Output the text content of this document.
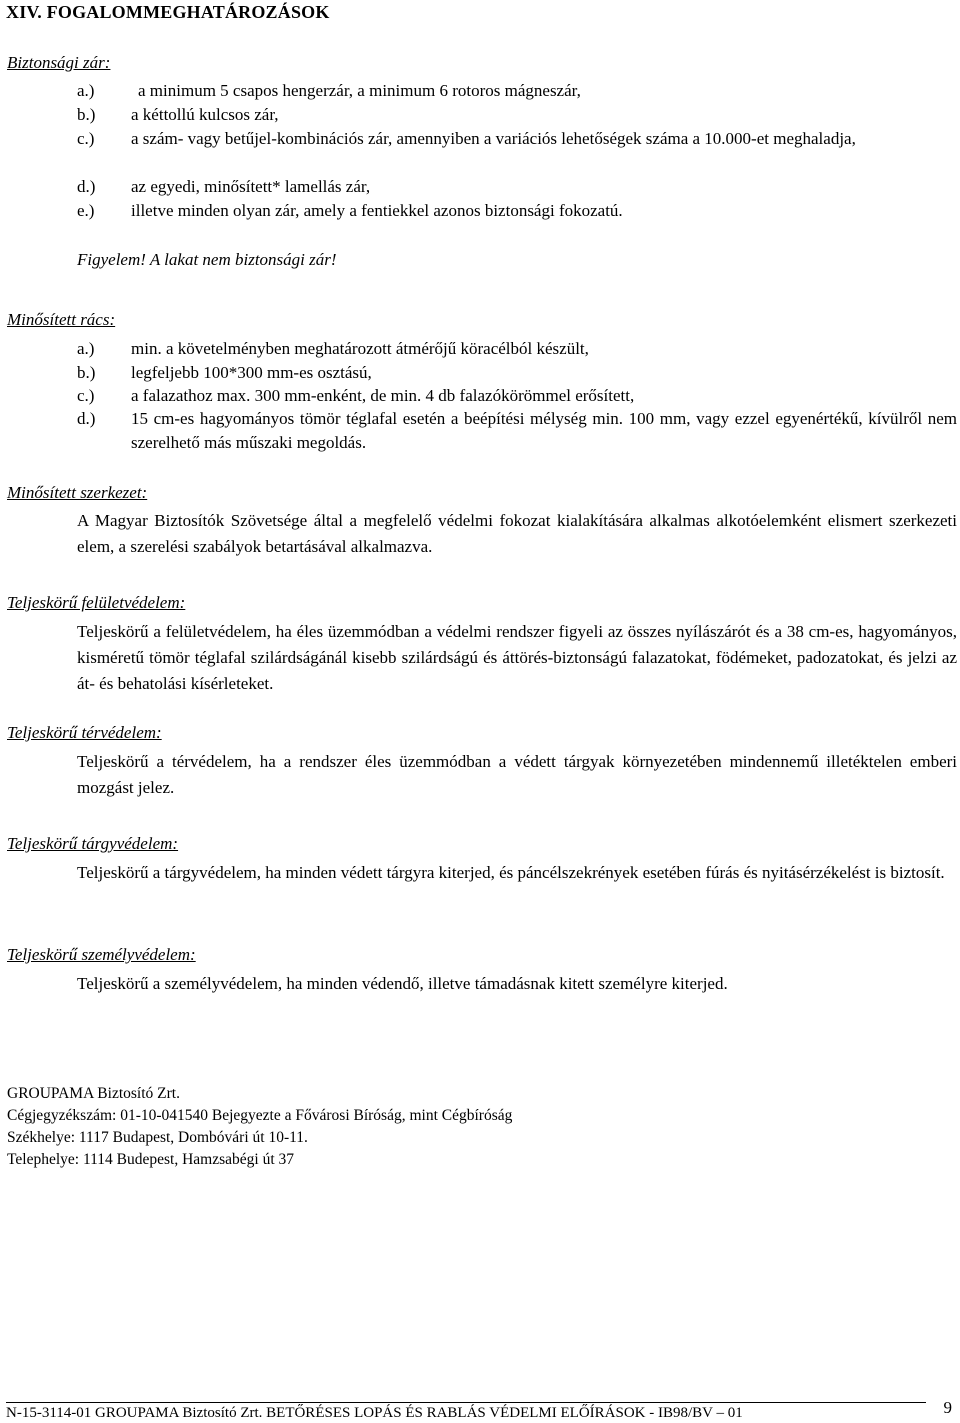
XIV. FOGALOMMEGHATÁROZÁSOK
Biztonsági zár:
a.)	a minimum 5 csapos hengerzár, a minimum 6 rotoros mágneszár,
b.) a kéttollú kulcsos zár,
c.) a szám- vagy betűjel-kombinációs zár, amennyiben a variációs lehetőségek száma a 10.000-et meghaladja,
d.) az egyedi, minősített* lamellás zár,
e.) illetve minden olyan zár, amely a fentiekkel azonos biztonsági fokozatú.
Figyelem! A lakat nem biztonsági zár!
Minősített rács:
a.) min. a követelményben meghatározott átmérőjű köracélból készült,
b.) legfeljebb 100*300 mm-es osztású,
c.) a falazathoz max. 300 mm-enként, de min. 4 db falazókörömmel erősített,
d.) 15 cm-es hagyományos tömör téglafal esetén a beépítési mélység min. 100 mm, vagy ezzel egyenértékű, kívülről nem szerelhető más műszaki megoldás.
Minősített szerkezet:
A Magyar Biztosítók Szövetsége által a megfelelő védelmi fokozat kialakítására alkalmas alkotóelemként elismert szerkezeti elem, a szerelési szabályok betartásával alkalmazva.
Teljeskörű felületvédelem:
Teljeskörű a felületvédelem, ha éles üzemmódban a védelmi rendszer figyeli az összes nyílászárót és a 38 cm-es, hagyományos, kisméretű tömör téglafal szilárdságánál kisebb szilárdságú és áttörés-biztonságú falazatokat, födémeket, padozatokat, és jelzi az át- és behatolási kísérleteket.
Teljeskörű térvédelem:
Teljeskörű a térvédelem, ha a rendszer éles üzemmódban a védett tárgyak környezetében mindennemű illetéktelen emberi mozgást jelez.
Teljeskörű tárgyvédelem:
Teljeskörű a tárgyvédelem, ha minden védett tárgyra kiterjed, és páncélszekrények esetében fúrás és nyitásérzékelést is biztosít.
Teljeskörű személyvédelem:
Teljeskörű a személyvédelem, ha minden védendő, illetve támadásnak kitett személyre kiterjed.
GROUPAMA Biztosító Zrt.
Cégjegyzékszám: 01-10-041540 Bejegyezte a Fővárosi Bíróság, mint Cégbíróság
Székhelye: 1117 Budapest, Dombóvári út 10-11.
Telephelye: 1114 Budepest, Hamzsabégi út 37
N-15-3114-01 GROUPAMA Biztosító Zrt. BETŐRÉSES LOPÁS ÉS RABLÁS VÉDELMI ELŐÍRÁSOK - IB98/BV – 01	9
